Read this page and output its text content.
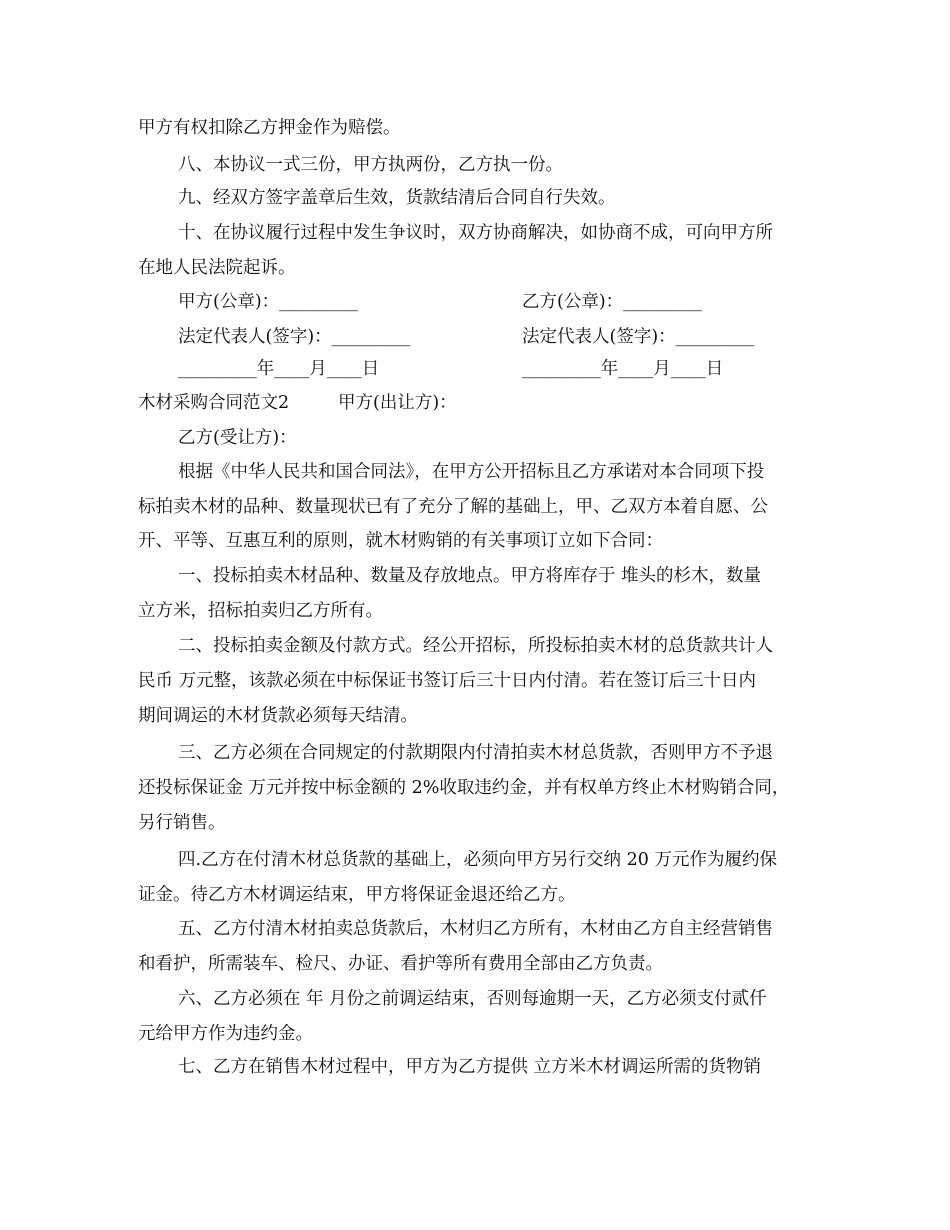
甲方有权扣除乙方押金作为赔偿。
八、本协议一式三份，甲方执两份，乙方执一份。
九、经双方签字盖章后生效，货款结清后合同自行失效。
十、在协议履行过程中发生争议时，双方协商解决，如协商不成，可向甲方所
在地人民法院起诉。
甲方(公章)：_________	乙方(公章)：_________
法定代表人(签字)：_________	法定代表人(签字)：_________
_________年____月____日	_________年____月____日
木材采购合同范文2	甲方(出让方)：
乙方(受让方)：
根据《中华人民共和国合同法》，在甲方公开招标且乙方承诺对本合同项下投
标拍卖木材的品种、数量现状已有了充分了解的基础上，甲、乙双方本着自愿、公
开、平等、互惠互利的原则，就木材购销的有关事项订立如下合同：
一、投标拍卖木材品种、数量及存放地点。甲方将库存于 堆头的杉木，数量
立方米，招标拍卖归乙方所有。
二、投标拍卖金额及付款方式。经公开招标，所投标拍卖木材的总货款共计人
民币 万元整，该款必须在中标保证书签订后三十日内付清。若在签订后三十日内
期间调运的木材货款必须每天结清。
三、乙方必须在合同规定的付款期限内付清拍卖木材总货款，否则甲方不予退
还投标保证金 万元并按中标金额的 2%收取违约金，并有权单方终止木材购销合同，
另行销售。
四.乙方在付清木材总货款的基础上，必须向甲方另行交纳 20 万元作为履约保
证金。待乙方木材调运结束，甲方将保证金退还给乙方。
五、乙方付清木材拍卖总货款后，木材归乙方所有，木材由乙方自主经营销售
和看护，所需装车、检尺、办证、看护等所有费用全部由乙方负责。
六、乙方必须在 年 月份之前调运结束，否则每逾期一天，乙方必须支付贰仟
元给甲方作为违约金。
七、乙方在销售木材过程中，甲方为乙方提供 立方米木材调运所需的货物销
